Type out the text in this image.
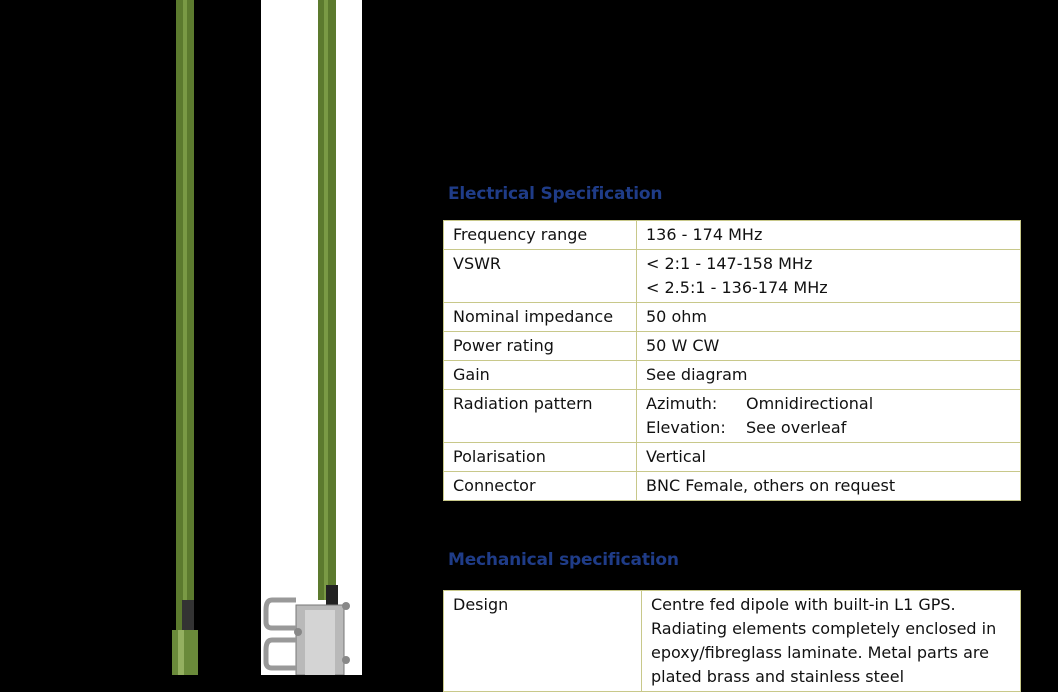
Electrical Specification
Frequency range	136 - 174 MHz
VSWR	< 2:1 - 147-158 MHz
< 2.5:1 - 136-174 MHz

Nominal impedance	50 ohm
Power rating	50 W CW
Gain	See diagram
Radiation pattern	Azimuth: Omnidirectional
Elevation: See overleaf

Polarisation	Vertical
Connector	BNC Female, others on request
Mechanical specification
Design	Centre fed dipole with built-in L1 GPS.
Radiating elements completely enclosed in
epoxy/fibreglass laminate. Metal parts are
plated brass and stainless steel
